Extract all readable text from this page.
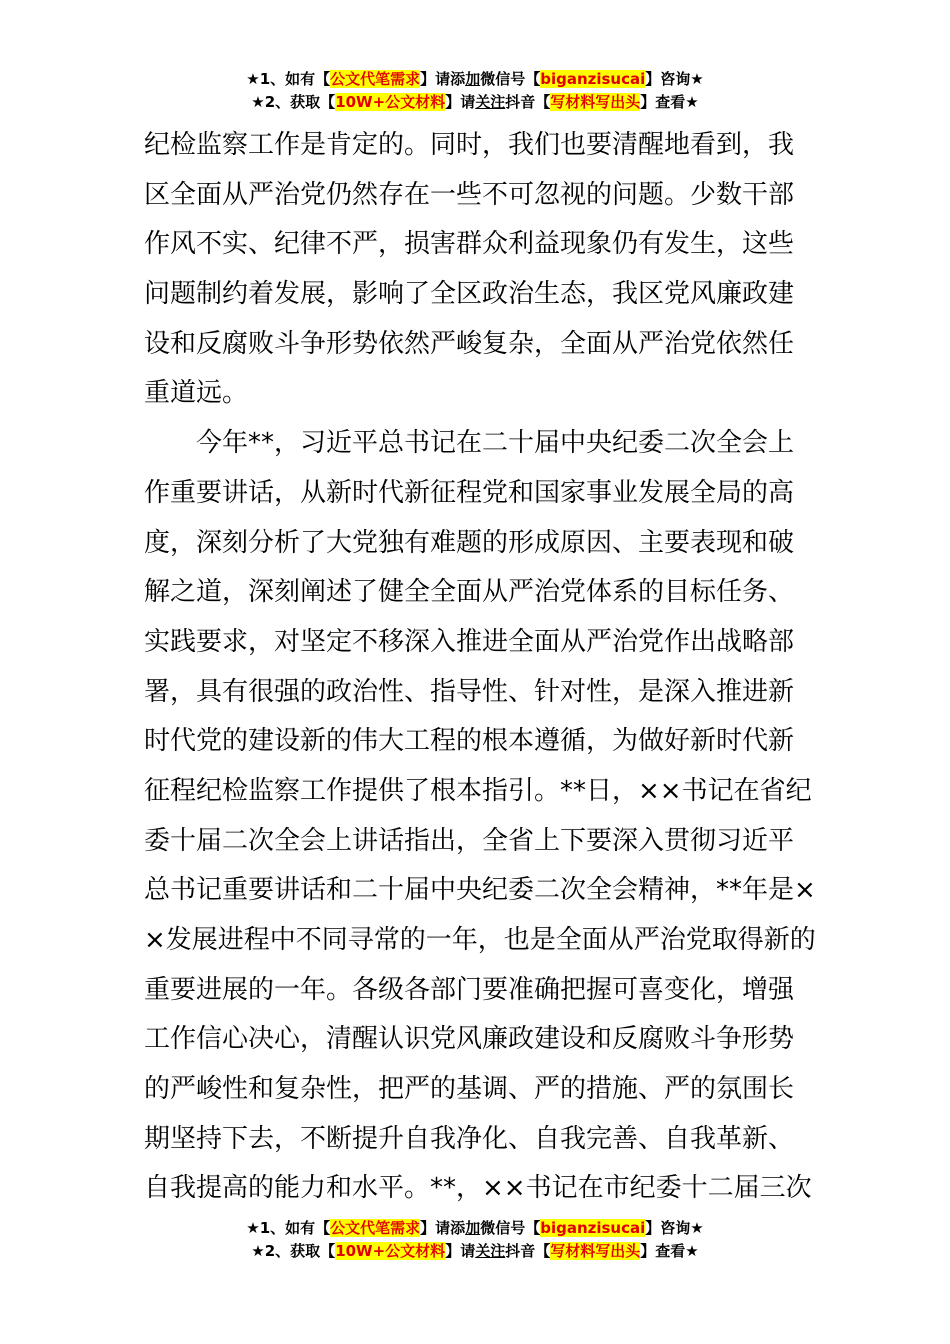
★1、如有【公文代笔需求】请添加微信号【biganzisucai】咨询★
★2、获取【10W+公文材料】请关注抖音【写材料写出头】查看★
纪检监察工作是肯定的。同时，我们也要清醒地看到，我
区全面从严治党仍然存在一些不可忽视的问题。少数干部
作风不实、纪律不严，损害群众利益现象仍有发生，这些
问题制约着发展，影响了全区政治生态，我区党风廉政建
设和反腐败斗争形势依然严峻复杂，全面从严治党依然任
重道远。
　　今年**，习近平总书记在二十届中央纪委二次全会上
作重要讲话，从新时代新征程党和国家事业发展全局的高
度，深刻分析了大党独有难题的形成原因、主要表现和破
解之道，深刻阐述了健全全面从严治党体系的目标任务、
实践要求，对坚定不移深入推进全面从严治党作出战略部
署，具有很强的政治性、指导性、针对性，是深入推进新
时代党的建设新的伟大工程的根本遵循，为做好新时代新
征程纪检监察工作提供了根本指引。**日，××书记在省纪
委十届二次全会上讲话指出，全省上下要深入贯彻习近平
总书记重要讲话和二十届中央纪委二次全会精神，**年是×
×发展进程中不同寻常的一年，也是全面从严治党取得新的
重要进展的一年。各级各部门要准确把握可喜变化，增强
工作信心决心，清醒认识党风廉政建设和反腐败斗争形势
的严峻性和复杂性，把严的基调、严的措施、严的氛围长
期坚持下去，不断提升自我净化、自我完善、自我革新、
自我提高的能力和水平。**，××书记在市纪委十二届三次
★1、如有【公文代笔需求】请添加微信号【biganzisucai】咨询★
★2、获取【10W+公文材料】请关注抖音【写材料写出头】查看★
